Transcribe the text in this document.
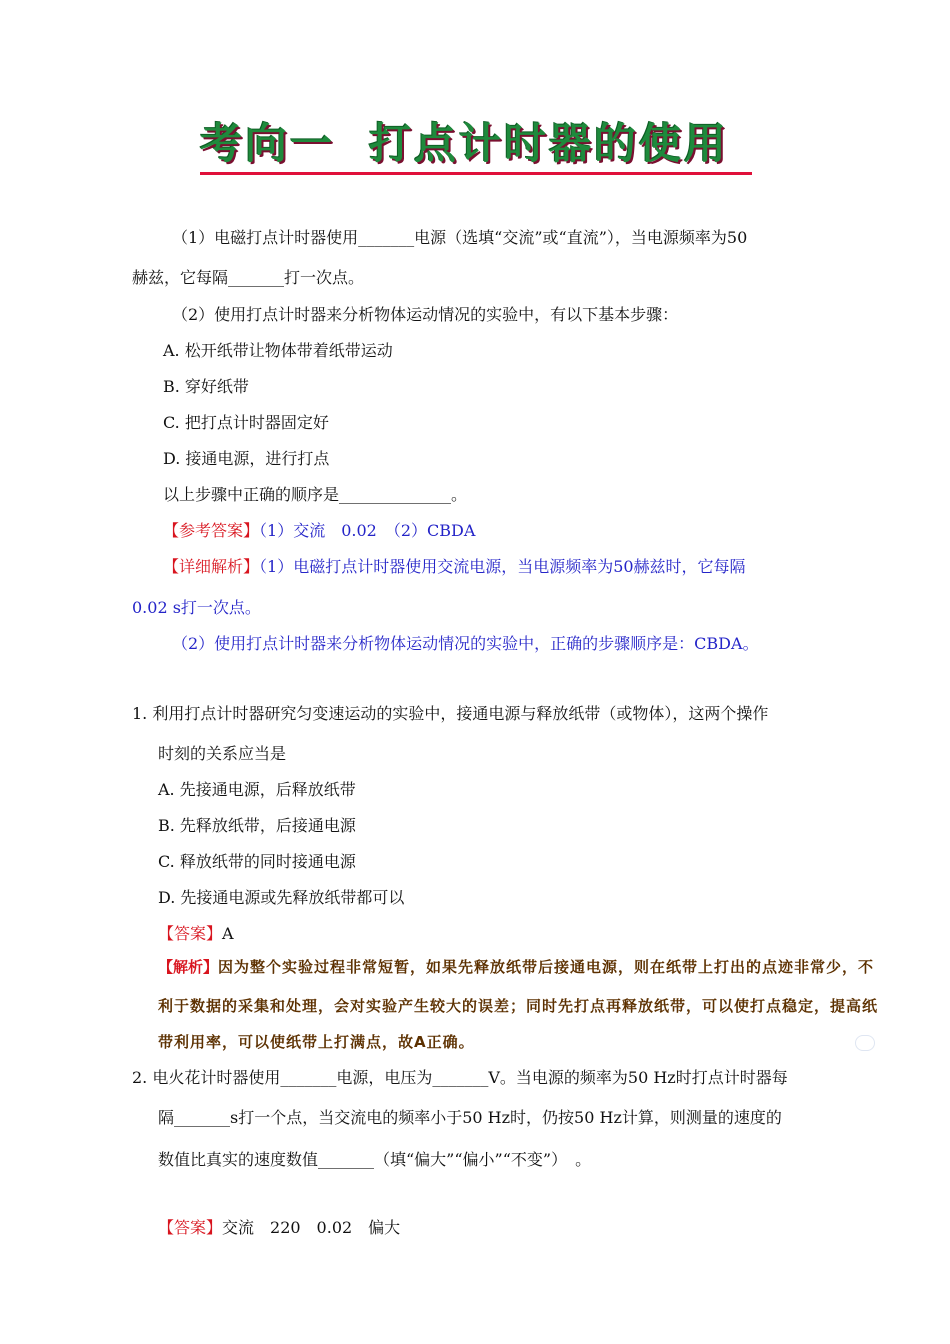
考向一 打点计时器的使用
（1）电磁打点计时器使用_______电源（选填“交流”或“直流”），当电源频率为50
赫兹，它每隔_______打一次点。
（2）使用打点计时器来分析物体运动情况的实验中，有以下基本步骤：
A. 松开纸带让物体带着纸带运动
B. 穿好纸带
C. 把打点计时器固定好
D. 接通电源，进行打点
以上步骤中正确的顺序是______________。
【参考答案】（1）交流　0.02　（2）CBDA
【详细解析】（1）电磁打点计时器使用交流电源，当电源频率为50赫兹时，它每隔
0.02 s打一次点。
（2）使用打点计时器来分析物体运动情况的实验中，正确的步骤顺序是：CBDA。
1. 利用打点计时器研究匀变速运动的实验中，接通电源与释放纸带（或物体），这两个操作
时刻的关系应当是
A. 先接通电源，后释放纸带
B. 先释放纸带，后接通电源
C. 释放纸带的同时接通电源
D. 先接通电源或先释放纸带都可以
【答案】A
【解析】因为整个实验过程非常短暂，如果先释放纸带后接通电源，则在纸带上打出的点迹非常少，不
利于数据的采集和处理，会对实验产生较大的误差；同时先打点再释放纸带，可以使打点稳定，提高纸
带利用率，可以使纸带上打满点，故A正确。
2. 电火花计时器使用_______电源，电压为_______V。当电源的频率为50 Hz时打点计时器每
隔_______s打一个点，当交流电的频率小于50 Hz时，仍按50 Hz计算，则测量的速度的
数值比真实的速度数值_______（填“偏大”“偏小”“不变”）　。
【答案】交流　220　0.02　偏大
